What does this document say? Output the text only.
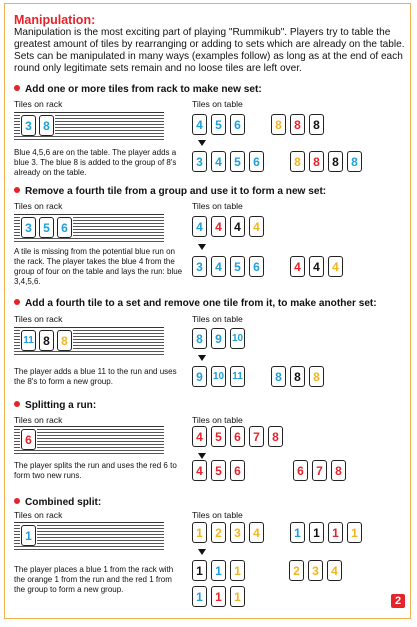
Manipulation:
Manipulation is the most exciting part of playing "Rummikub". Players try to table the greatest amount of tiles by rearranging or adding to sets which are already on the table. Sets can be manipulated in many ways (examples follow) as long as at the end of each round only legitimate sets remain and no loose tiles are left over.
Add one or more tiles from rack to make new set:
Tiles on rack	Tiles on table
3 8	4	5	6	8	8	8
3	4	5	6	8	8	8	8
Blue 4,5,6 are on the table. The player adds a blue 3. The blue 8 is added to the group of 8's already on the table.
Remove a fourth tile from a group and use it to form a new set:
Tiles on rack	Tiles on table
3 5 6	4	4	4	4
3	4	5	6	4	4	4
A tile is missing from the potential blue run on the rack. The player takes the blue 4 from the group of four on the table and lays the run: blue 3,4,5,6.
Add a fourth tile to a set and remove one tile from it, to make another set:
Tiles on rack	Tiles on table
11 8 8	8	9	10
9	10 11	8	8	8
The player adds a blue 11 to the run and uses the 8's to form a new group.
Splitting a run:
Tiles on rack	Tiles on table
6	4	5	6	7	8
4	5	6	6	7	8
The player splits the run and uses the red 6 to form two new runs.
Combined split:
Tiles on rack	Tiles on table
1	1	2	3	4	1	1	1	1
1	1	1	2	3	4
1	1	1
The player places a blue 1 from the rack with the orange 1 from the run and the red 1 from the group to form a new group.
2
